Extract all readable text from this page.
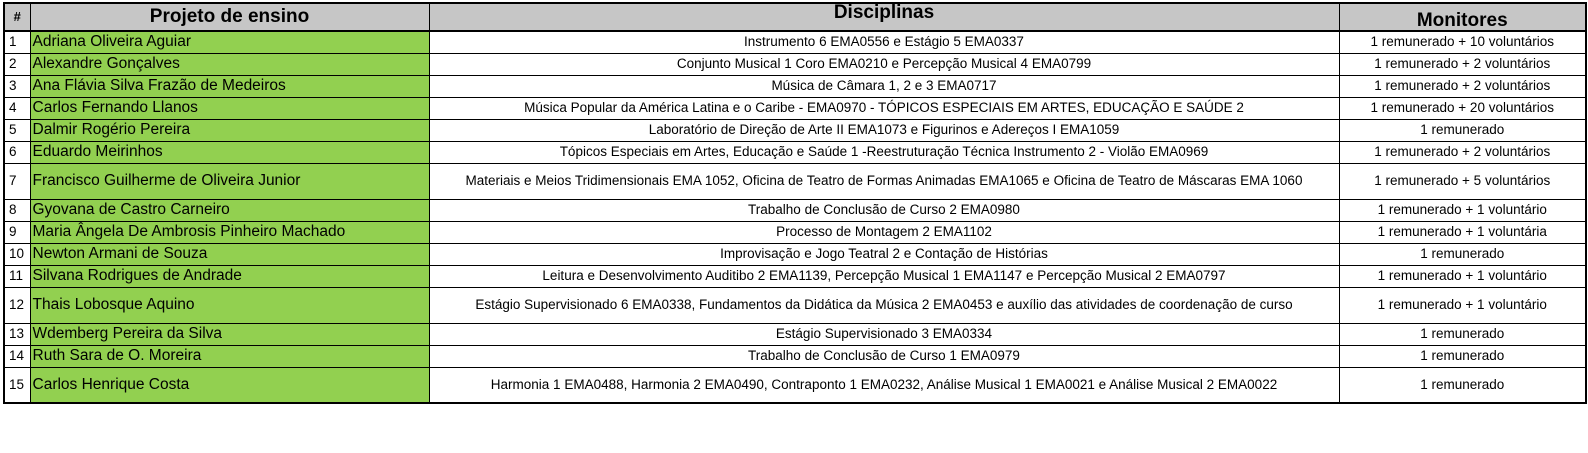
#	Projeto de ensino	Disciplinas	Monitores
1	Adriana Oliveira Aguiar	Instrumento 6 EMA0556 e Estágio 5 EMA0337	1 remunerado + 10 voluntários
2	Alexandre Gonçalves	Conjunto Musical 1 Coro EMA0210 e Percepção Musical 4 EMA0799	1 remunerado + 2 voluntários
3	Ana Flávia Silva Frazão de Medeiros	Música de Câmara 1, 2 e 3 EMA0717	1 remunerado + 2 voluntários
4	Carlos Fernando Llanos	Música Popular da América Latina e o Caribe - EMA0970 - TÓPICOS ESPECIAIS EM ARTES, EDUCAÇÃO E SAÚDE 2	1 remunerado + 20 voluntários
5	Dalmir Rogério Pereira	Laboratório de Direção de Arte II EMA1073 e Figurinos e Adereços I EMA1059	1 remunerado
6	Eduardo Meirinhos	Tópicos Especiais em Artes, Educação e Saúde 1 -Reestruturação Técnica Instrumento 2 - Violão EMA0969	1 remunerado + 2 voluntários
7	Francisco Guilherme de Oliveira Junior	Materiais e Meios Tridimensionais EMA 1052, Oficina de Teatro de Formas Animadas EMA1065 e Oficina de Teatro de Máscaras EMA 1060	1 remunerado + 5 voluntários
8	Gyovana de Castro Carneiro	Trabalho de Conclusão de Curso 2 EMA0980	1 remunerado + 1 voluntário
9	Maria Ângela De Ambrosis Pinheiro Machado	Processo de Montagem 2 EMA1102	1 remunerado + 1 voluntária
10	Newton Armani de Souza	Improvisação e Jogo Teatral 2 e Contação de Histórias	1 remunerado
11	Silvana Rodrigues de Andrade	Leitura e Desenvolvimento Auditibo 2 EMA1139, Percepção Musical 1 EMA1147 e Percepção Musical 2 EMA0797	1 remunerado + 1 voluntário
12	Thais Lobosque Aquino	Estágio Supervisionado 6 EMA0338, Fundamentos da Didática da Música 2 EMA0453 e auxílio das atividades de coordenação de curso	1 remunerado + 1 voluntário
13	Wdemberg Pereira da Silva	Estágio Supervisionado 3 EMA0334	1 remunerado
14	Ruth Sara de O. Moreira	Trabalho de Conclusão de Curso 1 EMA0979	1 remunerado
15	Carlos Henrique Costa	Harmonia 1 EMA0488, Harmonia 2 EMA0490, Contraponto 1 EMA0232, Análise Musical 1 EMA0021 e Análise Musical 2 EMA0022	1 remunerado
